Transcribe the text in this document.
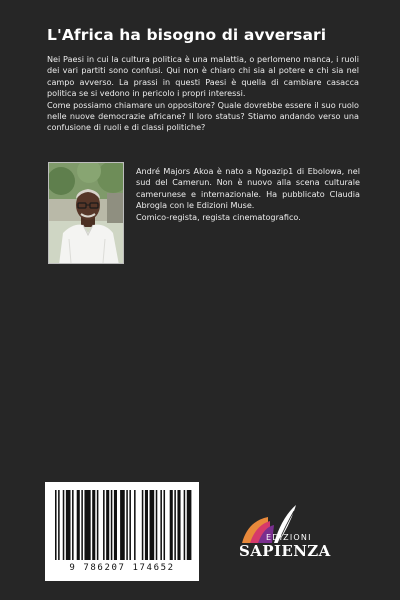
L'Africa ha bisogno di avversari

Nei Paesi in cui la cultura politica è una malattia, o perlomeno manca, i ruoli dei vari partiti sono confusi. Qui non è chiaro chi sia al potere e chi sia nel campo avverso. La prassi in questi Paesi è quella di cambiare casacca politica se si vedono in pericolo i propri interessi.

Come possiamo chiamare un oppositore? Quale dovrebbe essere il suo ruolo nelle nuove democrazie africane? Il loro status? Stiamo andando verso una confusione di ruoli e di classi politiche?

André Majors Akoa è nato a Ngoazip1 di Ebolowa, nel sud del Camerun. Non è nuovo alla scena culturale camerunese e internazionale. Ha pubblicato Claudia Abrogla con le Edizioni Muse.

Comico-regista, regista cinematografico.

9 786207 174652
EDIZIONI
SAPIENZA
